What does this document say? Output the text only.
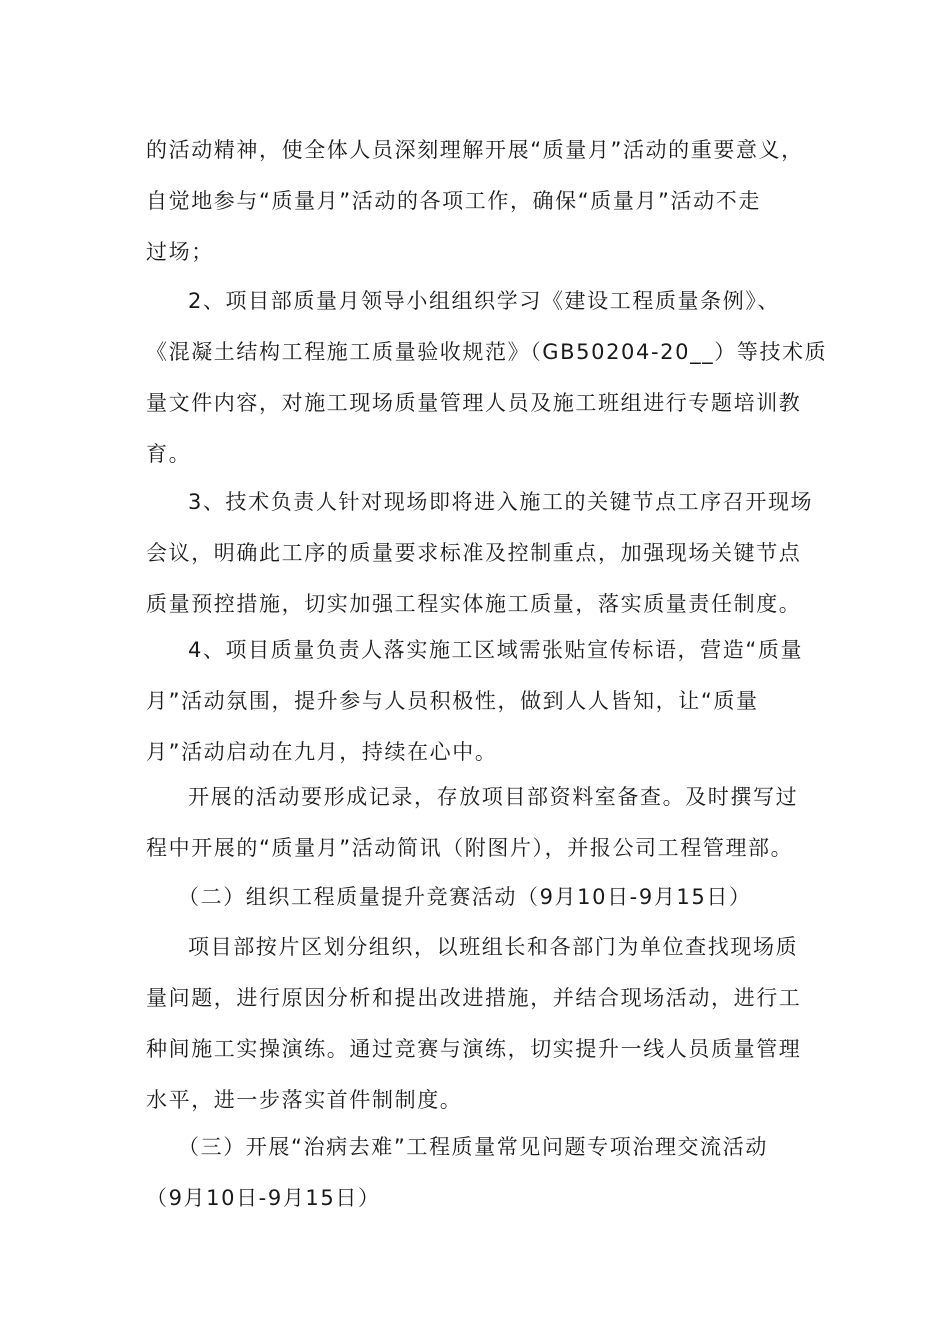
的活动精神，使全体人员深刻理解开展“质量月”活动的重要意义，
自觉地参与“质量月”活动的各项工作，确保“质量月”活动不走
过场；
2、项目部质量月领导小组组织学习《建设工程质量条例》、
《混凝土结构工程施工质量验收规范》（GB50204-20__）等技术质
量文件内容，对施工现场质量管理人员及施工班组进行专题培训教
育。
3、技术负责人针对现场即将进入施工的关键节点工序召开现场
会议，明确此工序的质量要求标准及控制重点，加强现场关键节点
质量预控措施，切实加强工程实体施工质量，落实质量责任制度。
4、项目质量负责人落实施工区域需张贴宣传标语，营造“质量
月”活动氛围，提升参与人员积极性，做到人人皆知，让“质量
月”活动启动在九月，持续在心中。
开展的活动要形成记录，存放项目部资料室备查。及时撰写过
程中开展的“质量月”活动简讯（附图片），并报公司工程管理部。
（二）组织工程质量提升竞赛活动（9月10日-9月15日）
项目部按片区划分组织，以班组长和各部门为单位查找现场质
量问题，进行原因分析和提出改进措施，并结合现场活动，进行工
种间施工实操演练。通过竞赛与演练，切实提升一线人员质量管理
水平，进一步落实首件制制度。
（三）开展“治病去难”工程质量常见问题专项治理交流活动
（9月10日-9月15日）
